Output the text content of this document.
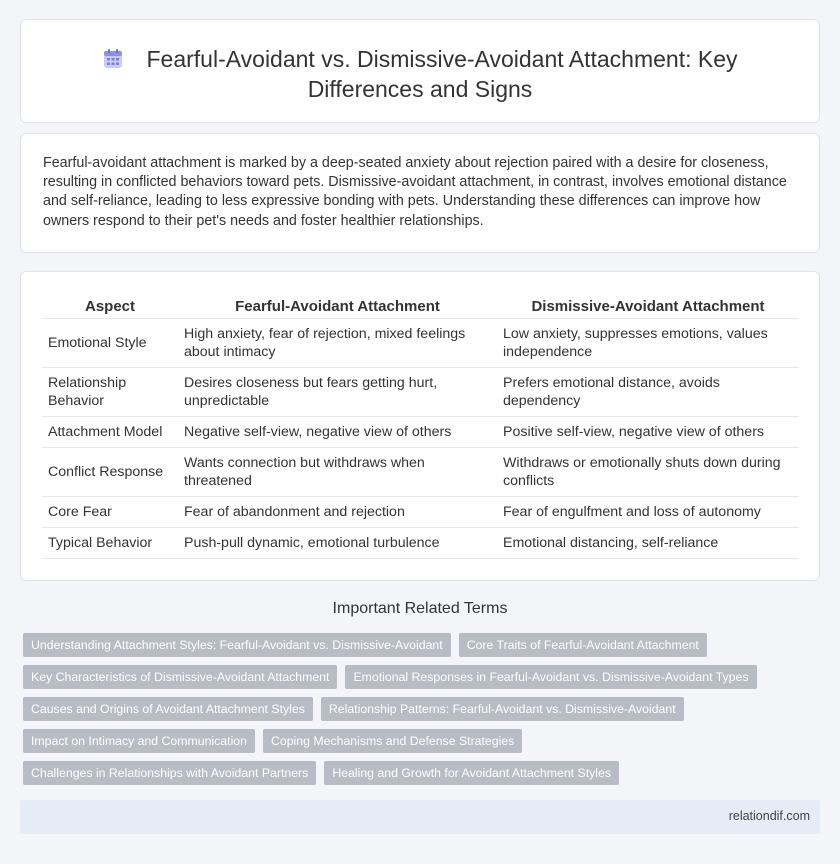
Fearful-Avoidant vs. Dismissive-Avoidant Attachment: Key
Differences and Signs

Fearful-avoidant attachment is marked by a deep-seated anxiety about rejection paired with a desire for closeness, resulting in conflicted behaviors toward pets. Dismissive-avoidant attachment, in contrast, involves emotional distance and self-reliance, leading to less expressive bonding with pets. Understanding these differences can improve how owners respond to their pet's needs and foster healthier relationships.

Aspect	Fearful-Avoidant Attachment	Dismissive-Avoidant Attachment
Emotional Style	High anxiety, fear of rejection, mixed feelings about intimacy	Low anxiety, suppresses emotions, values independence
Relationship Behavior	Desires closeness but fears getting hurt, unpredictable	Prefers emotional distance, avoids dependency
Attachment Model	Negative self-view, negative view of others	Positive self-view, negative view of others
Conflict Response	Wants connection but withdraws when threatened	Withdraws or emotionally shuts down during conflicts
Core Fear	Fear of abandonment and rejection	Fear of engulfment and loss of autonomy
Typical Behavior	Push-pull dynamic, emotional turbulence	Emotional distancing, self-reliance
Important Related Terms
Understanding Attachment Styles: Fearful-Avoidant vs. Dismissive-Avoidant	Core Traits of Fearful-Avoidant Attachment
Key Characteristics of Dismissive-Avoidant Attachment	Emotional Responses in Fearful-Avoidant vs. Dismissive-Avoidant Types
Causes and Origins of Avoidant Attachment Styles	Relationship Patterns: Fearful-Avoidant vs. Dismissive-Avoidant
Impact on Intimacy and Communication	Coping Mechanisms and Defense Strategies
Challenges in Relationships with Avoidant Partners	Healing and Growth for Avoidant Attachment Styles
relationdif.com
